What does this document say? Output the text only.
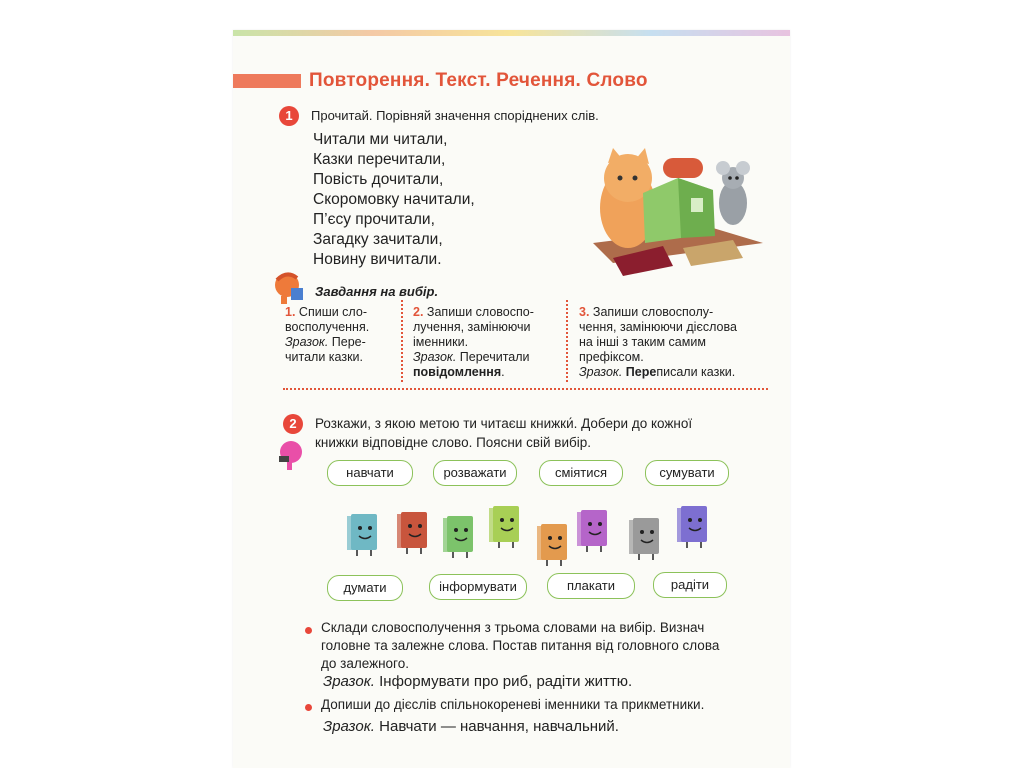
Повторення. Текст. Речення. Слово
1	Прочитай. Порівняй значення споріднених слів.
Читали ми читали,
Казки перечитали,
Повість дочитали,
Скоромовку начитали,
П’єсу прочитали,
Загадку зачитали,
Новину вичитали.
Завдання на вибір.
1. Спиши сло-
восполучення.
Зразок. Пере-
читали казки.
2. Запиши словоспо-
лучення, замінюючи
іменники.
Зразок. Перечитали
повідомлення.
3. Запиши словосполу-
чення, замінюючи дієслова
на інші з таким самим
префіксом.
Зразок. Переписали казки.
2	Розкажи, з якою метою ти читаєш книжки́. Добери до кожної
книжки відповідне слово. Поясни свій вибір.
навчати	розважати	сміятися	сумувати
думати	інформувати	плакати	радіти
Склади словосполучення з трьома словами на вибір. Визнач
головне та залежне слова. Постав питання від головного слова
до залежного.
Зразок. Інформувати про риб, радіти життю.
Допиши до дієслів спільнокореневі іменники та прикметники.
Зразок. Навчати — навчання, навчальний.
